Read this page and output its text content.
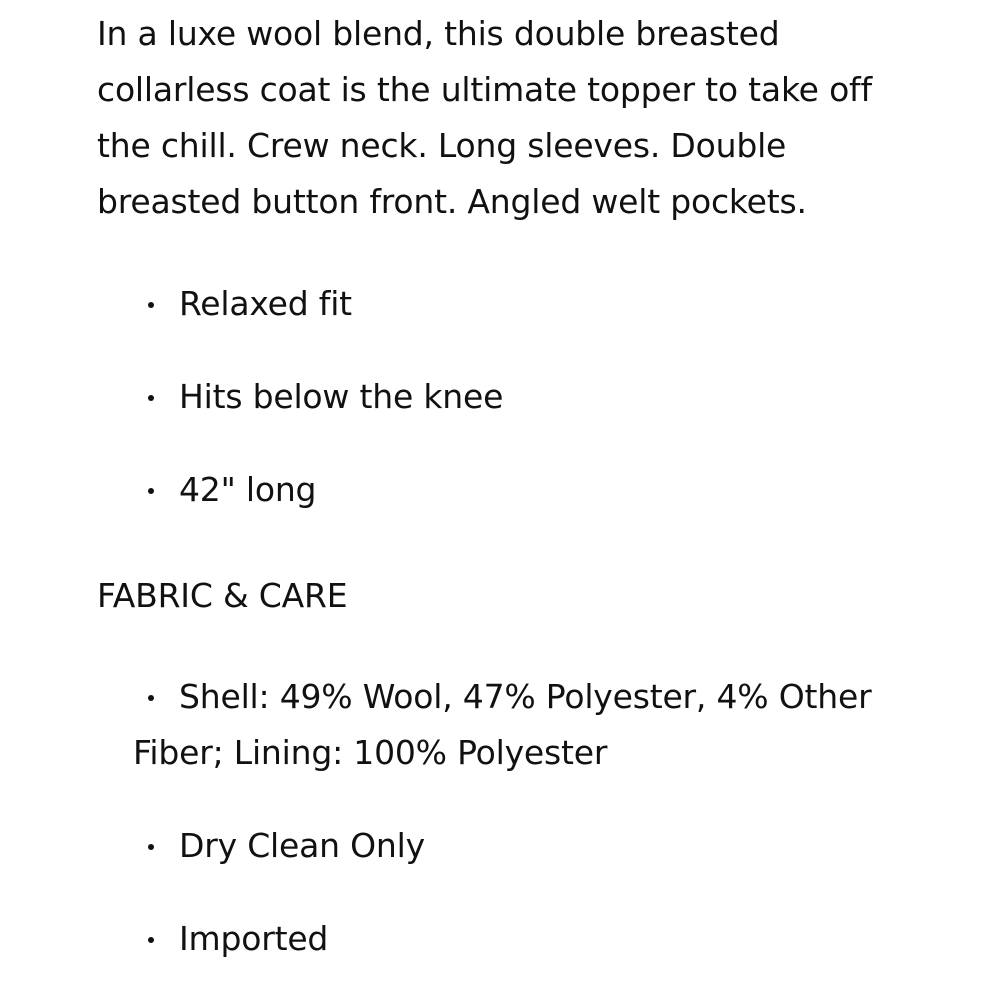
In a luxe wool blend, this double breasted collarless coat is the ultimate topper to take off the chill. Crew neck. Long sleeves. Double breasted button front. Angled welt pockets.

Relaxed fit
Hits below the knee
42" long
FABRIC & CARE
Shell: 49% Wool, 47% Polyester, 4% Other Fiber; Lining: 100% Polyester
Dry Clean Only
Imported
